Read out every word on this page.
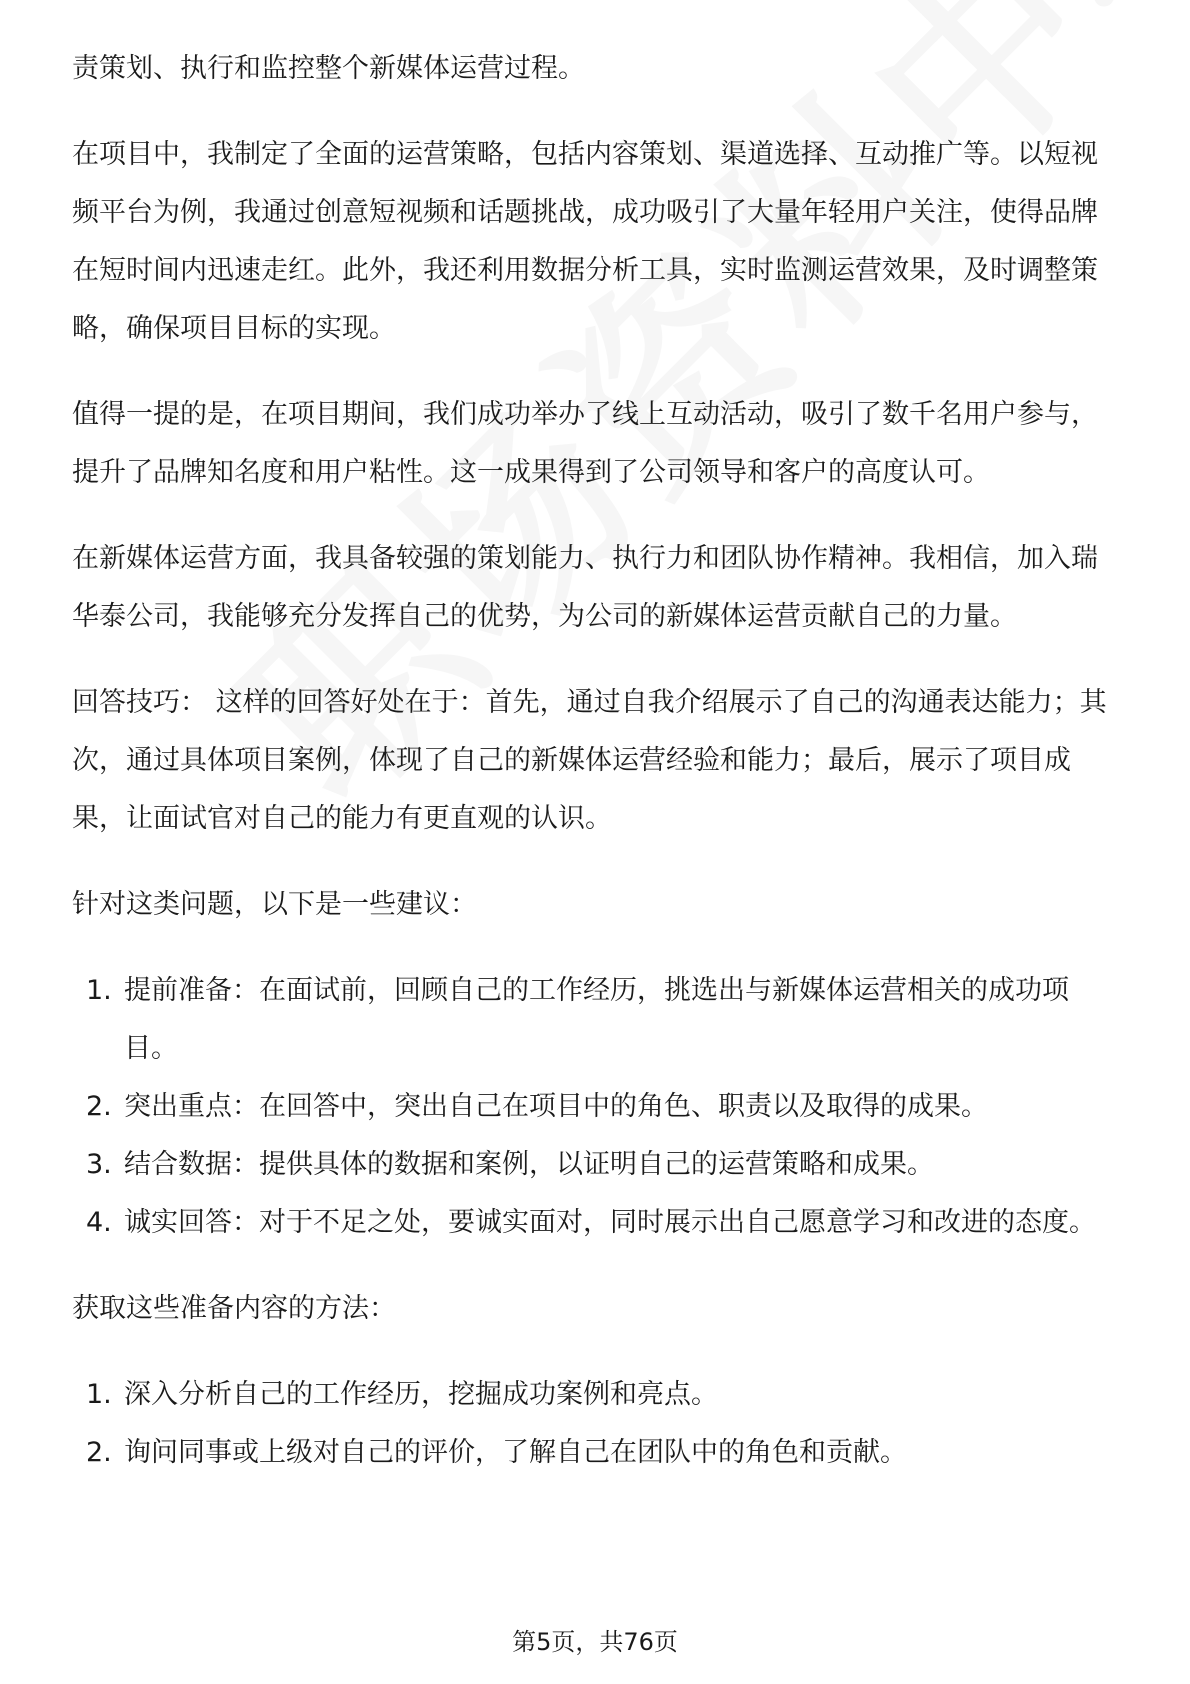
责策划、执行和监控整个新媒体运营过程。

在项目中，我制定了全面的运营策略，包括内容策划、渠道选择、互动推广等。以短视频平台为例，我通过创意短视频和话题挑战，成功吸引了大量年轻用户关注，使得品牌在短时间内迅速走红。此外，我还利用数据分析工具，实时监测运营效果，及时调整策略，确保项目目标的实现。

值得一提的是，在项目期间，我们成功举办了线上互动活动，吸引了数千名用户参与，提升了品牌知名度和用户粘性。这一成果得到了公司领导和客户的高度认可。

在新媒体运营方面，我具备较强的策划能力、执行力和团队协作精神。我相信，加入瑞华泰公司，我能够充分发挥自己的优势，为公司的新媒体运营贡献自己的力量。

回答技巧： 这样的回答好处在于：首先，通过自我介绍展示了自己的沟通表达能力；其次，通过具体项目案例，体现了自己的新媒体运营经验和能力；最后，展示了项目成果，让面试官对自己的能力有更直观的认识。

针对这类问题，以下是一些建议：

1. 提前准备：在面试前，回顾自己的工作经历，挑选出与新媒体运营相关的成功项目。
2. 突出重点：在回答中，突出自己在项目中的角色、职责以及取得的成果。
3. 结合数据：提供具体的数据和案例，以证明自己的运营策略和成果。
4. 诚实回答：对于不足之处，要诚实面对，同时展示出自己愿意学习和改进的态度。

获取这些准备内容的方法：

1. 深入分析自己的工作经历，挖掘成功案例和亮点。
2. 询问同事或上级对自己的评价，了解自己在团队中的角色和贡献。
第5页，共76页
